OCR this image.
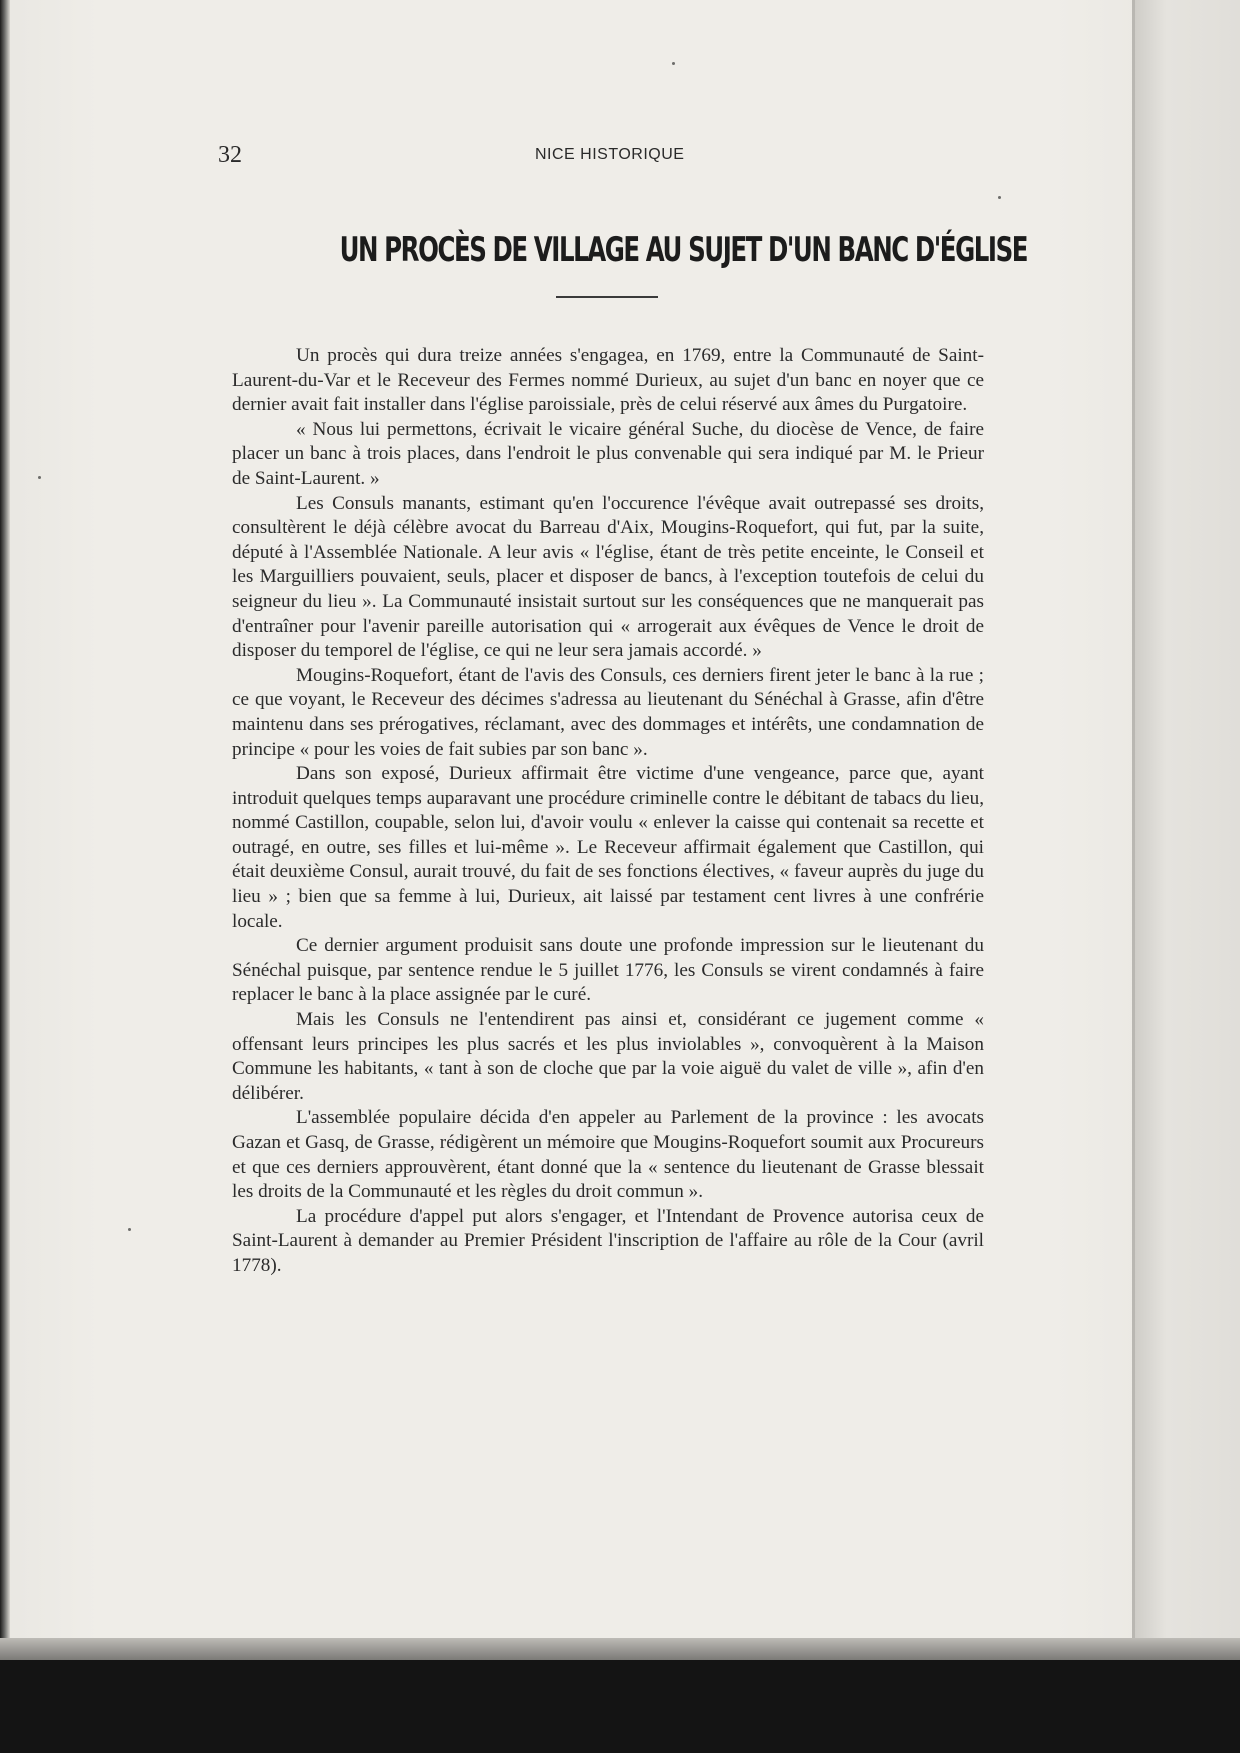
32	NICE HISTORIQUE
UN PROCÈS DE VILLAGE AU SUJET D'UN BANC D'ÉGLISE

Un procès qui dura treize années s'engagea, en 1769, entre la Communauté de Saint-Laurent-du-Var et le Receveur des Fermes nommé Durieux, au sujet d'un banc en noyer que ce dernier avait fait installer dans l'église paroissiale, près de celui réservé aux âmes du Purgatoire.

« Nous lui permettons, écrivait le vicaire général Suche, du diocèse de Vence, de faire placer un banc à trois places, dans l'endroit le plus convenable qui sera indiqué par M. le Prieur de Saint-Laurent. »

Les Consuls manants, estimant qu'en l'occurence l'évêque avait outrepassé ses droits, consultèrent le déjà célèbre avocat du Barreau d'Aix, Mougins-Roquefort, qui fut, par la suite, député à l'Assemblée Nationale. A leur avis « l'église, étant de très petite enceinte, le Conseil et les Marguilliers pouvaient, seuls, placer et disposer de bancs, à l'exception toutefois de celui du seigneur du lieu ». La Communauté insistait surtout sur les conséquences que ne manquerait pas d'entraîner pour l'avenir pareille autorisation qui « arrogerait aux évêques de Vence le droit de disposer du temporel de l'église, ce qui ne leur sera jamais accordé. »

Mougins-Roquefort, étant de l'avis des Consuls, ces derniers firent jeter le banc à la rue ; ce que voyant, le Receveur des décimes s'adressa au lieutenant du Sénéchal à Grasse, afin d'être maintenu dans ses prérogatives, réclamant, avec des dommages et intérêts, une condamnation de principe « pour les voies de fait subies par son banc ».

Dans son exposé, Durieux affirmait être victime d'une vengeance, parce que, ayant introduit quelques temps auparavant une procédure criminelle contre le débitant de tabacs du lieu, nommé Castillon, coupable, selon lui, d'avoir voulu « enlever la caisse qui contenait sa recette et outragé, en outre, ses filles et lui-même ». Le Receveur affirmait également que Castillon, qui était deuxième Consul, aurait trouvé, du fait de ses fonctions électives, « faveur auprès du juge du lieu » ; bien que sa femme à lui, Durieux, ait laissé par testament cent livres à une confrérie locale.

Ce dernier argument produisit sans doute une profonde impression sur le lieutenant du Sénéchal puisque, par sentence rendue le 5 juillet 1776, les Consuls se virent condamnés à faire replacer le banc à la place assignée par le curé.

Mais les Consuls ne l'entendirent pas ainsi et, considérant ce jugement comme « offensant leurs principes les plus sacrés et les plus inviolables », convoquèrent à la Maison Commune les habitants, « tant à son de cloche que par la voie aiguë du valet de ville », afin d'en délibérer.

L'assemblée populaire décida d'en appeler au Parlement de la province : les avocats Gazan et Gasq, de Grasse, rédigèrent un mémoire que Mougins-Roquefort soumit aux Procureurs et que ces derniers approuvèrent, étant donné que la « sentence du lieutenant de Grasse blessait les droits de la Communauté et les règles du droit commun ».

La procédure d'appel put alors s'engager, et l'Intendant de Provence autorisa ceux de Saint-Laurent à demander au Premier Président l'inscription de l'affaire au rôle de la Cour (avril 1778).
